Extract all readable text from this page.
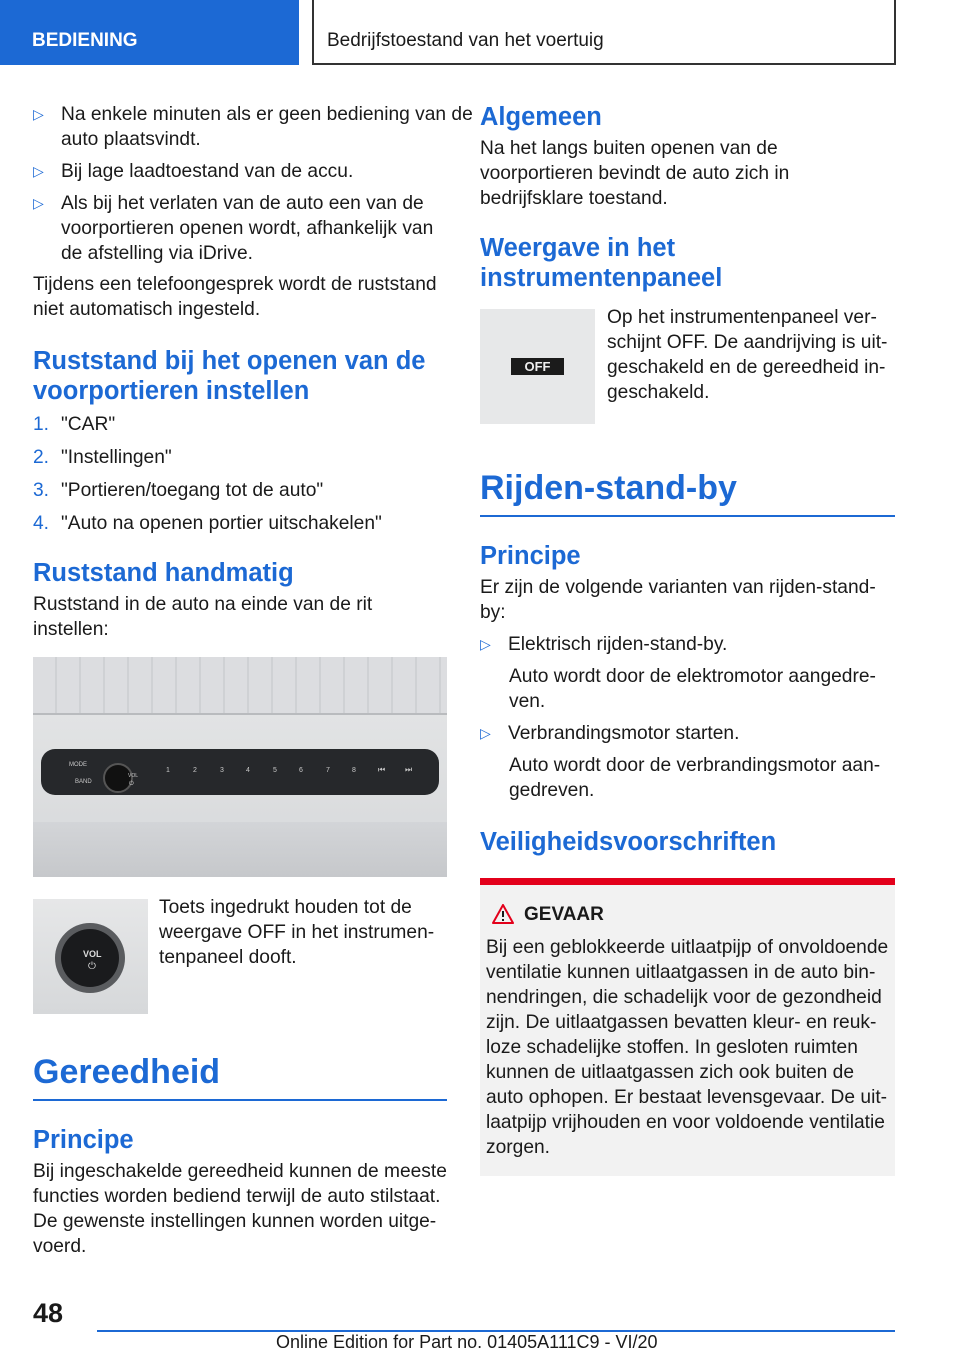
BEDIENING	Bedrijfstoestand van het voertuig
▷ Na enkele minuten als er geen bediening van de auto plaatsvindt.
▷ Bij lage laadtoestand van de accu.
▷ Als bij het verlaten van de auto een van de voorportieren openen wordt, afhankelijk van de afstelling via iDrive.

Tijdens een telefoongesprek wordt de ruststand niet automatisch ingesteld.

Ruststand bij het openen van de voorportieren instellen
1. "CAR"
2. "Instellingen"
3. "Portieren/toegang tot de auto"
4. "Auto na openen portier uitschakelen"
Ruststand handmatig

Ruststand in de auto na einde van de rit instellen:

MODE
BAND
VOL
⏻
1	2	3	4	5	6	7	8	⏮ ⏭
VOL
⏻

Toets ingedrukt houden tot de weergave OFF in het instrumen-tenpaneel dooft.

Gereedheid
Principe

Bij ingeschakelde gereedheid kunnen de meeste functies worden bediend terwijl de auto stilstaat. De gewenste instellingen kunnen worden uitge-voerd.

Algemeen

Na het langs buiten openen van de voorportieren bevindt de auto zich in bedrijfsklare toestand.

Weergave in het instrumentenpaneel
OFF

Op het instrumentenpaneel ver-schijnt OFF. De aandrijving is uit-geschakeld en de gereedheid in-geschakeld.

Rijden-stand-by
Principe

Er zijn de volgende varianten van rijden-stand-by:

▷ Elektrisch rijden-stand-by.

Auto wordt door de elektromotor aangedre-ven.

▷ Verbrandingsmotor starten.

Auto wordt door de verbrandingsmotor aan-gedreven.

Veiligheidsvoorschriften
GEVAAR

Bij een geblokkeerde uitlaatpijp of onvoldoende ventilatie kunnen uitlaatgassen in de auto bin-nendringen, die schadelijk voor de gezondheid zijn. De uitlaatgassen bevatten kleur- en reuk-loze schadelijke stoffen. In gesloten ruimten kunnen de uitlaatgassen zich ook buiten de auto ophopen. Er bestaat levensgevaar. De uit-laatpijp vrijhouden en voor voldoende ventilatie zorgen.

48
Online Edition for Part no. 01405A111C9 - VI/20
